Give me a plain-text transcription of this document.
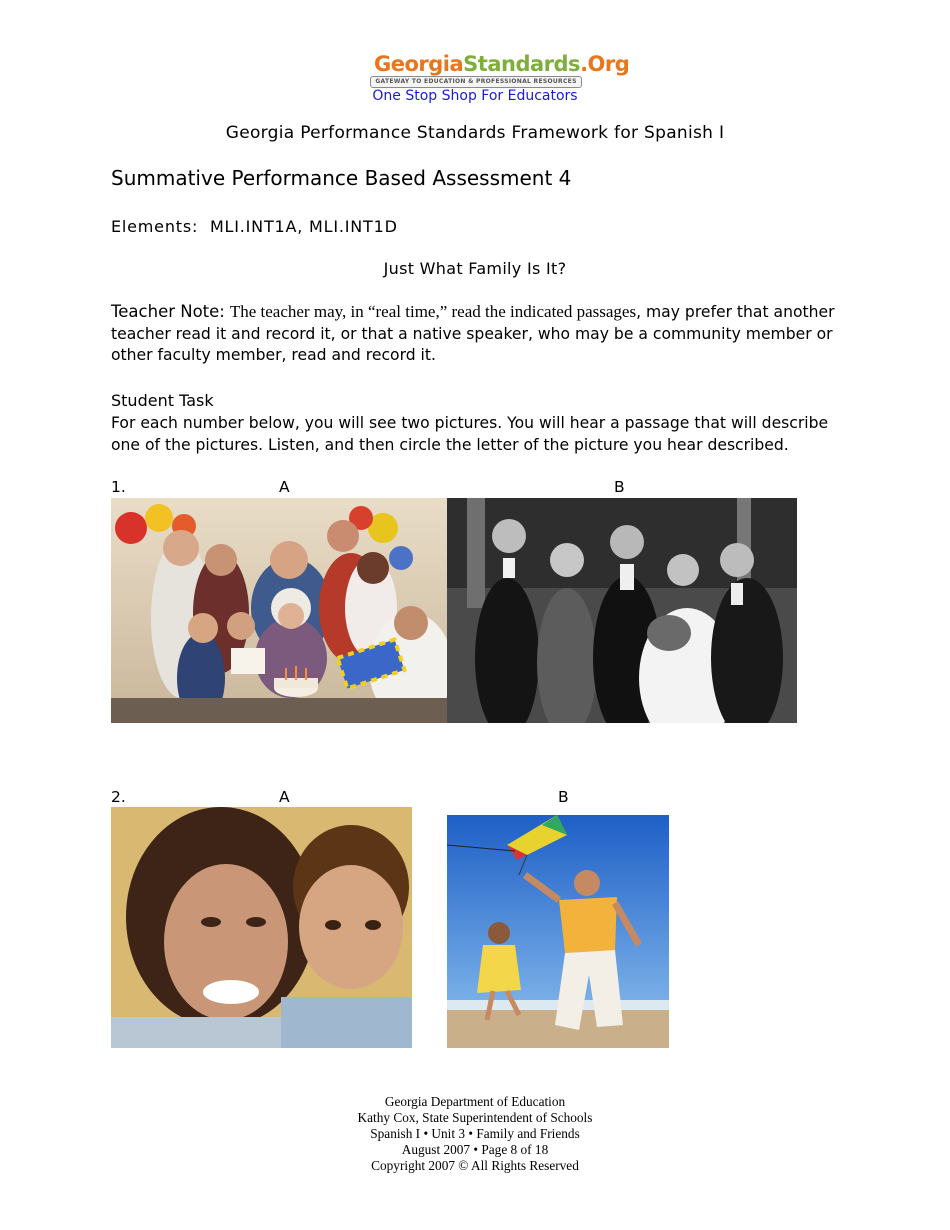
GeorgiaStandards.Org
GATEWAY TO EDUCATION & PROFESSIONAL RESOURCES
One Stop Shop For Educators
Georgia Performance Standards Framework for Spanish I
Summative Performance Based Assessment 4
Elements:  MLI.INT1A, MLI.INT1D
Just What Family Is It?
Teacher Note: The teacher may, in “real time,” read the indicated passages, may prefer that another teacher read it and record it, or that a native speaker, who may be a community member or other faculty member, read and record it.
Student Task
For each number below, you will see two pictures. You will hear a passage that will describe one of the pictures. Listen, and then circle the letter of the picture you hear described.
1.	A	B
2.	A	B
Georgia Department of Education
Kathy Cox, State Superintendent of Schools
Spanish I • Unit 3 • Family and Friends
August 2007 • Page 8 of 18
Copyright 2007 © All Rights Reserved
